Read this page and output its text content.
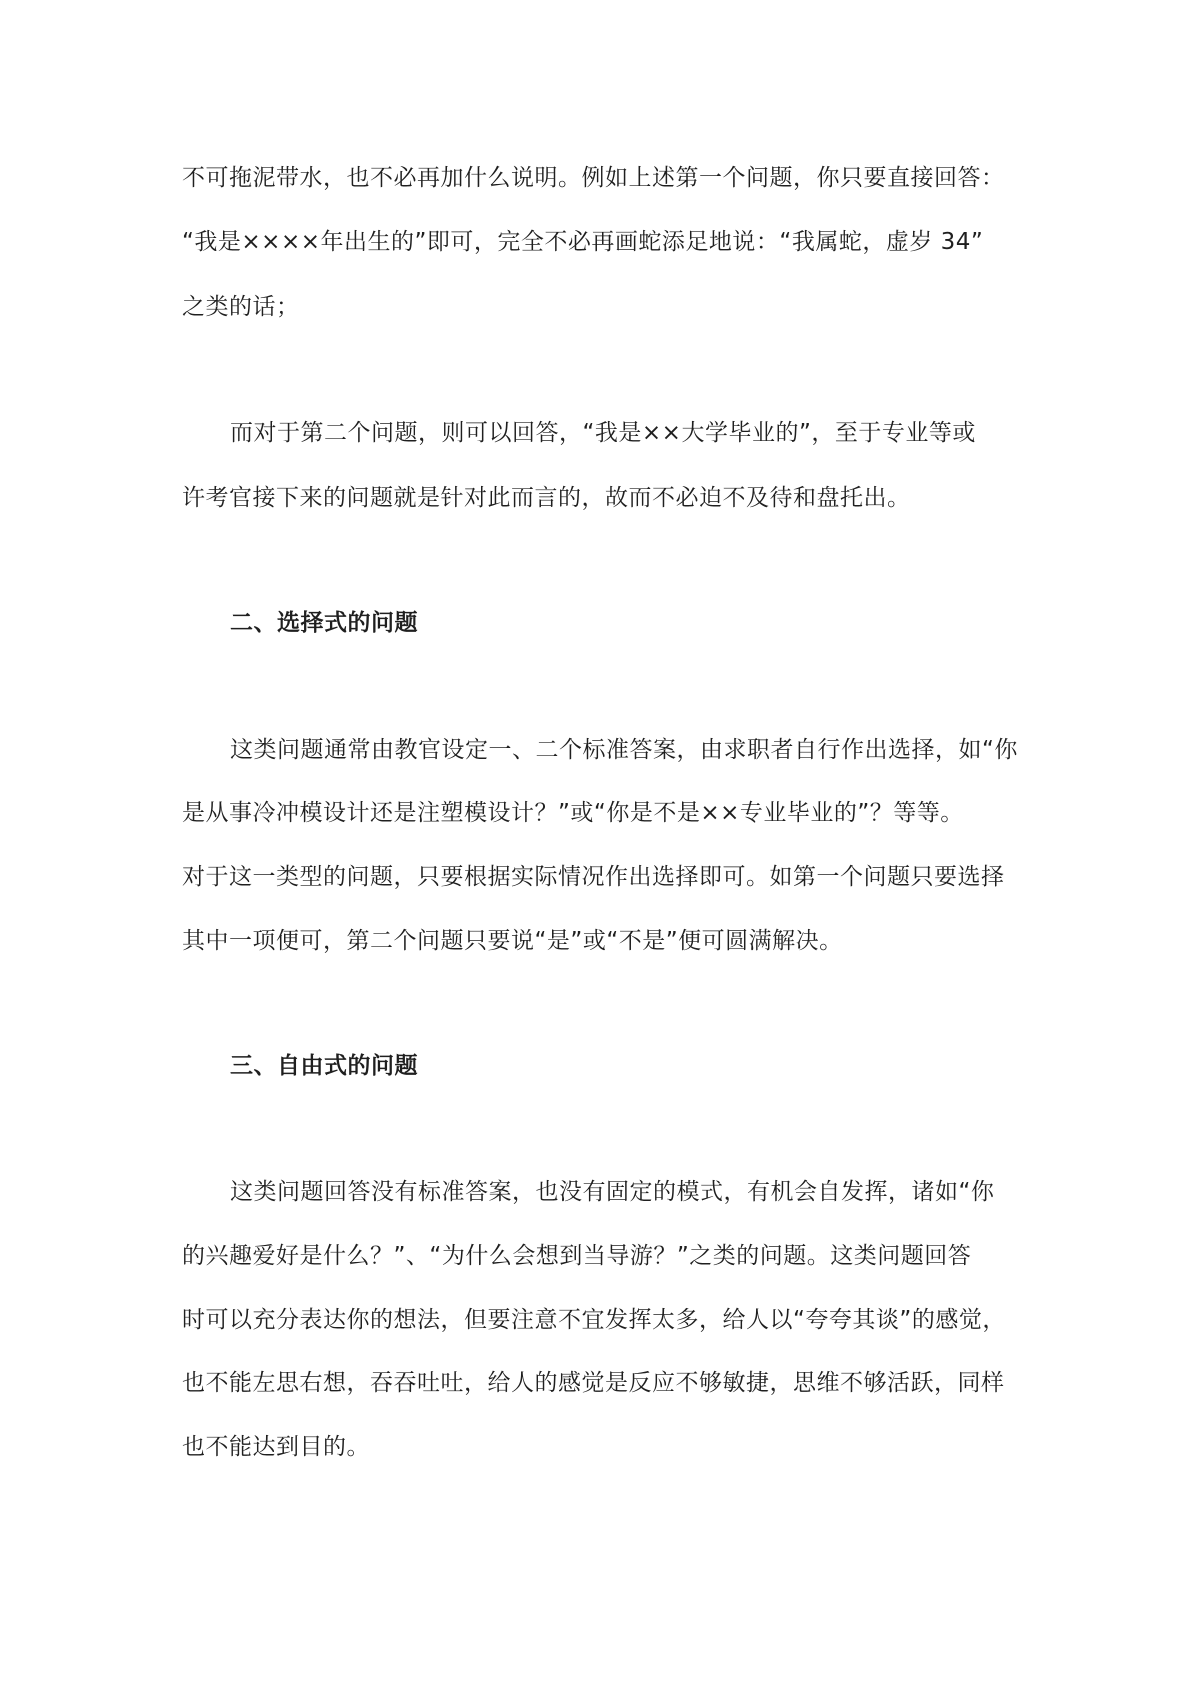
不可拖泥带水，也不必再加什么说明。例如上述第一个问题，你只要直接回答：
“我是××××年出生的”即可，完全不必再画蛇添足地说：“我属蛇，虚岁 34”
之类的话；
而对于第二个问题，则可以回答，“我是××大学毕业的”，至于专业等或
许考官接下来的问题就是针对此而言的，故而不必迫不及待和盘托出。
二、选择式的问题
这类问题通常由教官设定一、二个标准答案，由求职者自行作出选择，如“你
是从事冷冲模设计还是注塑模设计？”或“你是不是××专业毕业的”？等等。
对于这一类型的问题，只要根据实际情况作出选择即可。如第一个问题只要选择
其中一项便可，第二个问题只要说“是”或“不是”便可圆满解决。
三、自由式的问题
这类问题回答没有标准答案，也没有固定的模式，有机会自发挥，诸如“你
的兴趣爱好是什么？”、“为什么会想到当导游？”之类的问题。这类问题回答
时可以充分表达你的想法，但要注意不宜发挥太多，给人以“夸夸其谈”的感觉，
也不能左思右想，吞吞吐吐，给人的感觉是反应不够敏捷，思维不够活跃，同样
也不能达到目的。
